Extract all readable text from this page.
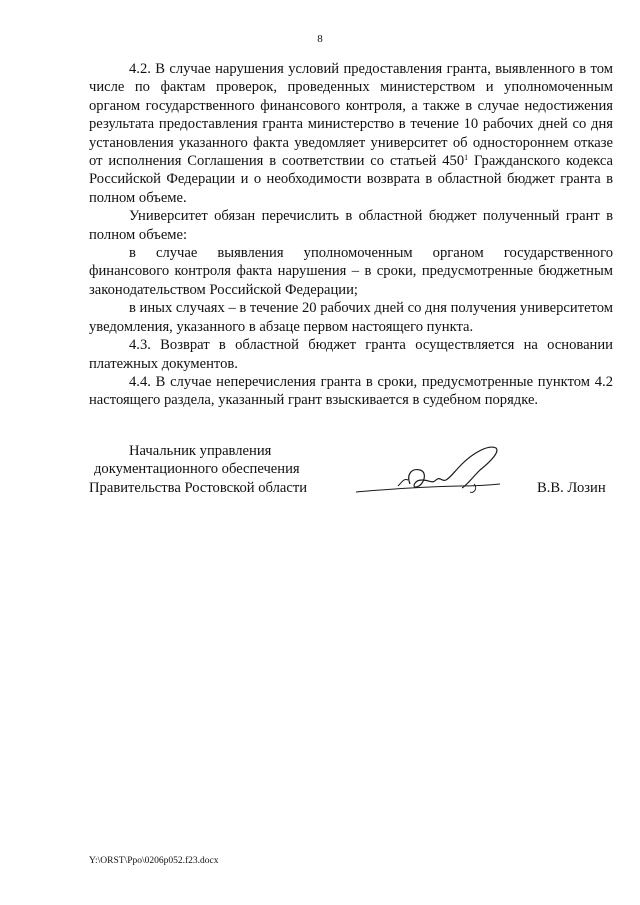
8

4.2. В случае нарушения условий предоставления гранта, выявленного в том числе по фактам проверок, проведенных министерством и уполномоченным органом государственного финансового контроля, а также в случае недостижения результата предоставления гранта министерство в течение 10 рабочих дней со дня установления указанного факта уведомляет университет об одностороннем отказе от исполнения Соглашения в соответствии со статьей $450^1$ Гражданского кодекса Российской Федерации и о необходимости возврата в областной бюджет гранта в полном объеме.

Университет обязан перечислить в областной бюджет полученный грант в полном объеме:

в случае выявления уполномоченным органом государственного финансового контроля факта нарушения – в сроки, предусмотренные бюджетным законодательством Российской Федерации;

в иных случаях – в течение 20 рабочих дней со дня получения университетом уведомления, указанного в абзаце первом настоящего пункта.

4.3. Возврат в областной бюджет гранта осуществляется на основании платежных документов.

4.4. В случае неперечисления гранта в сроки, предусмотренные пунктом 4.2 настоящего раздела, указанный грант взыскивается в судебном порядке.

Начальник управления
документационного обеспечения
Правительства Ростовской области	В.В. Лозин
Y:\ORST\Ppo\0206p052.f23.docx
